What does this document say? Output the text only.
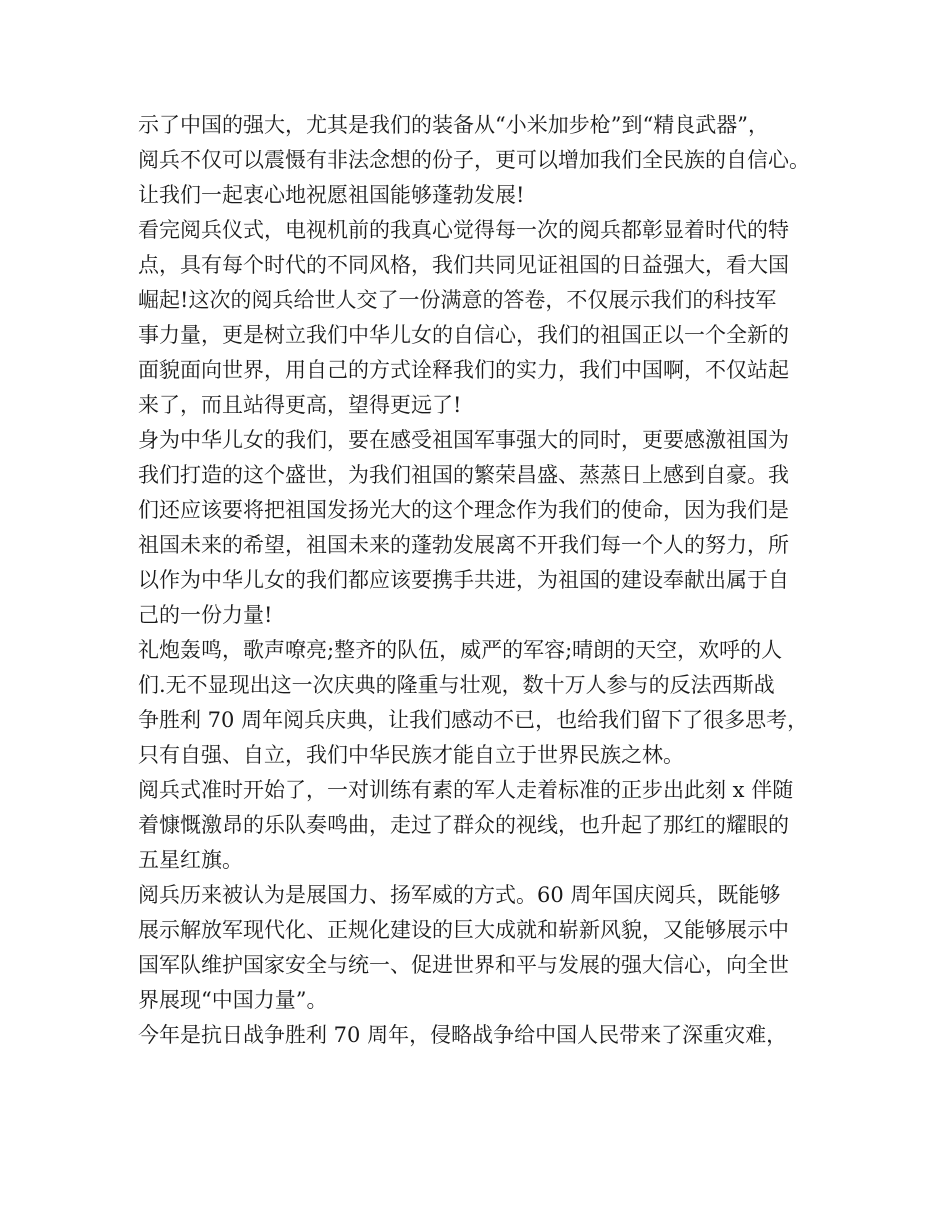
示了中国的强大，尤其是我们的装备从“小米加步枪”到“精良武器”，
阅兵不仅可以震慑有非法念想的份子，更可以增加我们全民族的自信心。
让我们一起衷心地祝愿祖国能够蓬勃发展!

看完阅兵仪式，电视机前的我真心觉得每一次的阅兵都彰显着时代的特
点，具有每个时代的不同风格，我们共同见证祖国的日益强大，看大国
崛起!这次的阅兵给世人交了一份满意的答卷，不仅展示我们的科技军
事力量，更是树立我们中华儿女的自信心，我们的祖国正以一个全新的
面貌面向世界，用自己的方式诠释我们的实力，我们中国啊，不仅站起
来了，而且站得更高，望得更远了!

身为中华儿女的我们，要在感受祖国军事强大的同时，更要感激祖国为
我们打造的这个盛世，为我们祖国的繁荣昌盛、蒸蒸日上感到自豪。我
们还应该要将把祖国发扬光大的这个理念作为我们的使命，因为我们是
祖国未来的希望，祖国未来的蓬勃发展离不开我们每一个人的努力，所
以作为中华儿女的我们都应该要携手共进，为祖国的建设奉献出属于自
己的一份力量!

礼炮轰鸣，歌声嘹亮;整齐的队伍，威严的军容;晴朗的天空，欢呼的人
们.无不显现出这一次庆典的隆重与壮观，数十万人参与的反法西斯战
争胜利 70 周年阅兵庆典，让我们感动不已，也给我们留下了很多思考，
只有自强、自立，我们中华民族才能自立于世界民族之林。

阅兵式准时开始了，一对训练有素的军人走着标准的正步出此刻 x 伴随
着慷慨激昂的乐队奏鸣曲，走过了群众的视线，也升起了那红的耀眼的
五星红旗。

阅兵历来被认为是展国力、扬军威的方式。60 周年国庆阅兵，既能够
展示解放军现代化、正规化建设的巨大成就和崭新风貌，又能够展示中
国军队维护国家安全与统一、促进世界和平与发展的强大信心，向全世
界展现“中国力量”。

今年是抗日战争胜利 70 周年，侵略战争给中国人民带来了深重灾难，
